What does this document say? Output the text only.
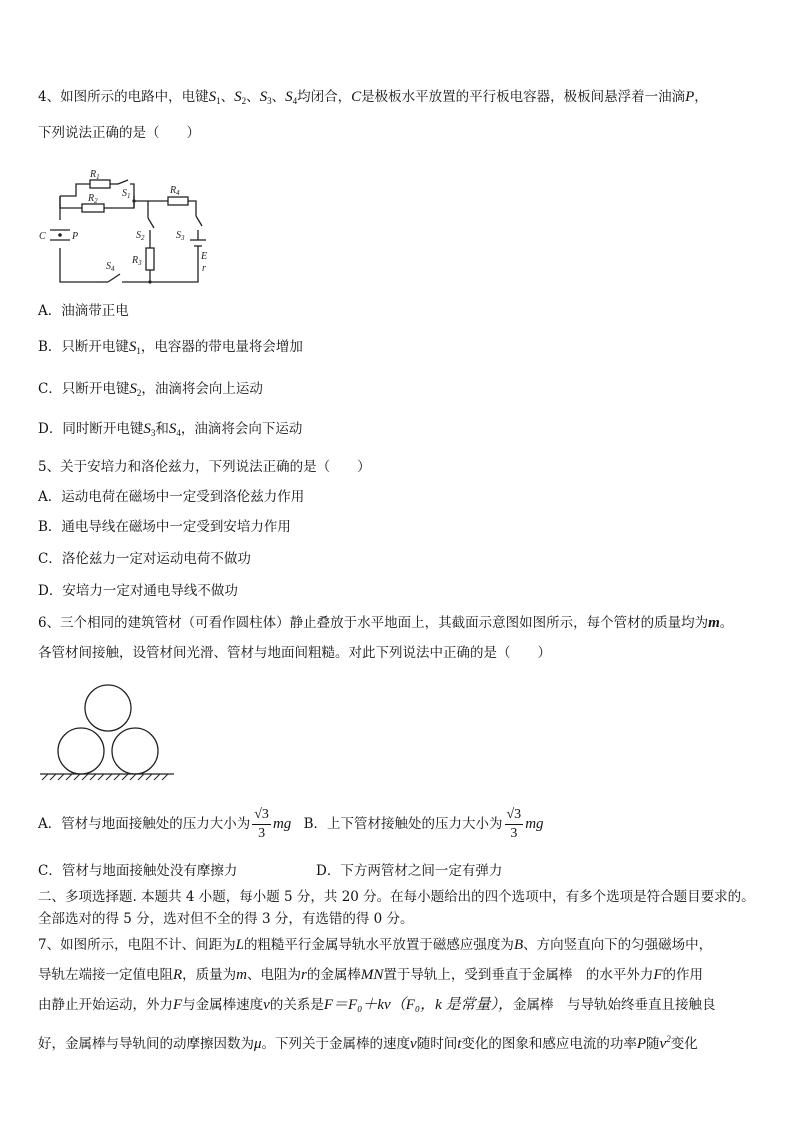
4、如图所示的电路中，电键$S_1$、$S_2$、$S_3$、$S_4$均闭合，C是极板水平放置的平行板电容器，极板间悬浮着一油滴P，
下列说法正确的是（　　）
$R_1$
$S_1$
$R_2$
$R_4$
$S_2$	$S_3$
$R_3$
E
r
$S_4$
C	P
A．油滴带正电
B．只断开电键$S_1$，电容器的带电量将会增加
C．只断开电键$S_2$，油滴将会向上运动
D．同时断开电键$S_3$和$S_4$，油滴将会向下运动
5、关于安培力和洛伦兹力，下列说法正确的是（　　）
A．运动电荷在磁场中一定受到洛伦兹力作用
B．通电导线在磁场中一定受到安培力作用
C．洛伦兹力一定对运动电荷不做功
D．安培力一定对通电导线不做功
6、三个相同的建筑管材（可看作圆柱体）静止叠放于水平地面上，其截面示意图如图所示，每个管材的质量均为m。
各管材间接触，设管材间光滑、管材与地面间粗糙。对此下列说法中正确的是（　　）
A．管材与地面接触处的压力大小为 $\frac{√3}{3}$ mg B．上下管材接触处的压力大小为 $\frac{√3}{3}$ mg
C．管材与地面接触处没有摩擦力	D．下方两管材之间一定有弹力
二、多项选择题. 本题共 4 小题，每小题 5 分，共 20 分。在每小题给出的四个选项中，有多个选项是符合题目要求的。
全部选对的得 5 分，选对但不全的得 3 分，有选错的得 0 分。
7、如图所示，电阻不计、间距为L的粗糙平行金属导轨水平放置于磁感应强度为B、方向竖直向下的匀强磁场中，
导轨左端接一定值电阻R，质量为m、电阻为r的金属棒MN置于导轨上，受到垂直于金属棒　的水平外力F的作用
由静止开始运动，外力F与金属棒速度v的关系是F＝F₀＋kv（F₀，k 是常量），金属棒　与导轨始终垂直且接触良
好，金属棒与导轨间的动摩擦因数为μ。下列关于金属棒的速度v随时间t变化的图象和感应电流的功率P随$v^2$变化
